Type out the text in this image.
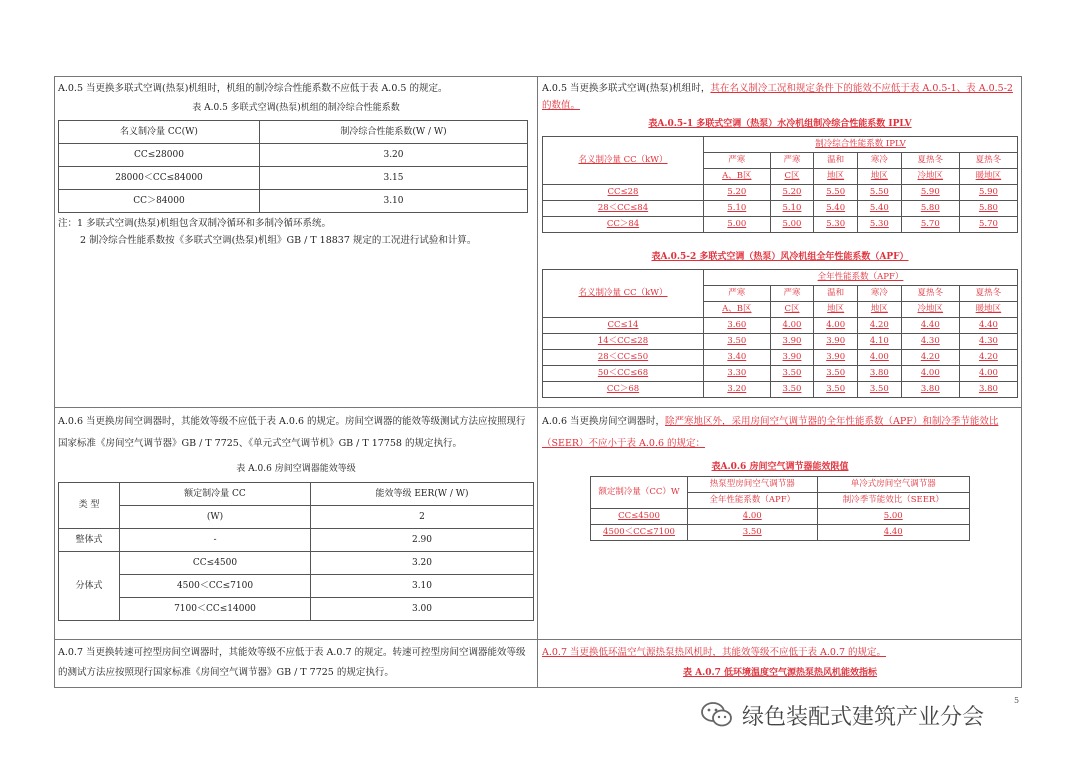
A.0.5 当更换多联式空调(热泵)机组时，机组的制冷综合性能系数不应低于表 A.0.5 的规定。

表 A.0.5 多联式空调(热泵)机组的制冷综合性能系数
名义制冷量 CC(W)	制冷综合性能系数(W / W)
CC≤28000	3.20
28000＜CC≤84000	3.15
CC＞84000	3.10

注：1 多联式空调(热泵)机组包含双制冷循环和多制冷循环系统。

2 制冷综合性能系数按《多联式空调(热泵)机组》GB / T 18837 规定的工况进行试验和计算。

A.0.5 当更换多联式空调(热泵)机组时，其在名义制冷工况和规定条件下的能效不应低于表 A.0.5-1、表 A.0.5-2 的数值。

表A.0.5-1 多联式空调（热泵）水冷机组制冷综合性能系数 IPLV
名义制冷量 CC（kW）	制冷综合性能系数 IPLV					
	严寒	严寒	温和	寒冷	夏热冬	夏热冬
	A、B区	C区	地区	地区	冷地区	暖地区
CC≤28	5.20	5.20	5.50	5.50	5.90	5.90
28＜CC≤84	5.10	5.10	5.40	5.40	5.80	5.80
CC＞84	5.00	5.00	5.30	5.30	5.70	5.70
表A.0.5-2 多联式空调（热泵）风冷机组全年性能系数（APF）
名义制冷量 CC（kW）	全年性能系数（APF）					
	严寒	严寒	温和	寒冷	夏热冬	夏热冬
	A、B区	C区	地区	地区	冷地区	暖地区
CC≤14	3.60	4.00	4.00	4.20	4.40	4.40
14＜CC≤28	3.50	3.90	3.90	4.10	4.30	4.30
28＜CC≤50	3.40	3.90	3.90	4.00	4.20	4.20
50＜CC≤68	3.30	3.50	3.50	3.80	4.00	4.00
CC＞68	3.20	3.50	3.50	3.50	3.80	3.80

A.0.6 当更换房间空调器时，其能效等级不应低于表 A.0.6 的规定。房间空调器的能效等级测试方法应按照现行国家标准《房间空气调节器》GB / T 7725、《单元式空气调节机》GB / T 17758 的规定执行。

表 A.0.6 房间空调器能效等级
类 型	额定制冷量 CC	能效等级 EER(W / W)
	(W)	2
整体式	-	2.90
分体式	CC≤4500	3.20
	4500＜CC≤7100	3.10
	7100＜CC≤14000	3.00

A.0.6 当更换房间空调器时，除严寒地区外，采用房间空气调节器的全年性能系数（APF）和制冷季节能效比（SEER）不应小于表 A.0.6 的规定：

表A.0.6 房间空气调节器能效限值
额定制冷量（CC）W	热泵型房间空气调节器	单冷式房间空气调节器
	全年性能系数（APF）	制冷季节能效比（SEER）
CC≤4500	4.00	5.00
4500＜CC≤7100	3.50	4.40

A.0.7 当更换转速可控型房间空调器时，其能效等级不应低于表 A.0.7 的规定。转速可控型房间空调器能效等级的测试方法应按照现行国家标准《房间空气调节器》GB / T 7725 的规定执行。

A.0.7 当更换低环温空气源热泵热风机时，其能效等级不应低于表 A.0.7 的规定。

表 A.0.7 低环境温度空气源热泵热风机能效指标
5
绿色装配式建筑产业分会
